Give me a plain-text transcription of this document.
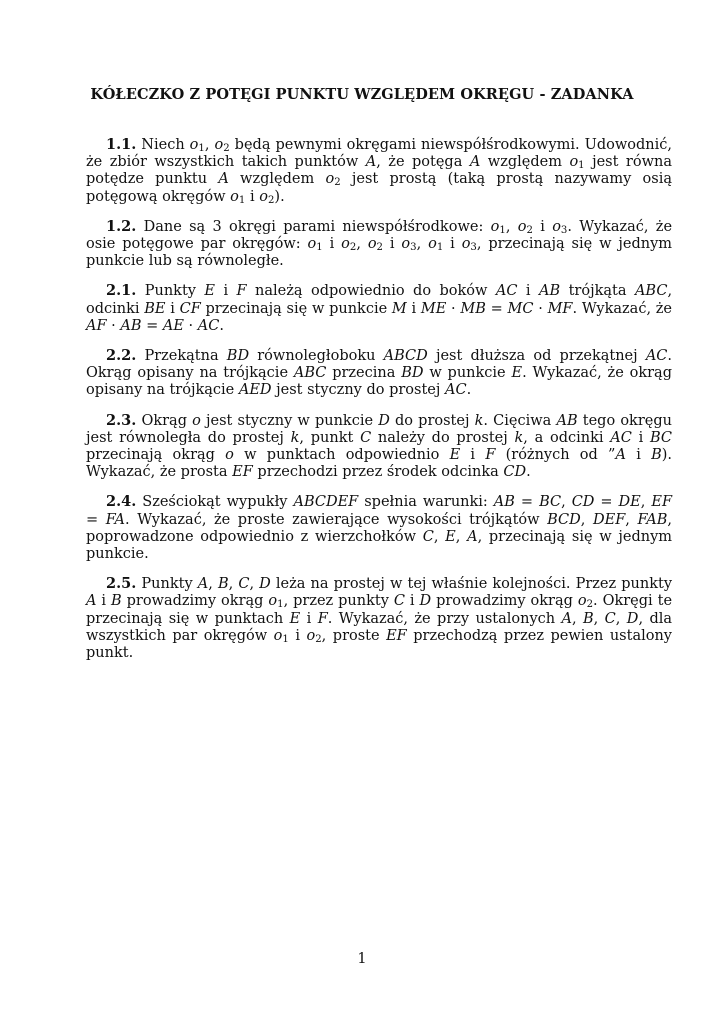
KÓŁECZKO Z POTĘGI PUNKTU WZGLĘDEM OKRĘGU - ZADANKA

1.1. Niech $o_1$, $o_2$ będą pewnymi okręgami niewspółśrodkowymi. Udowodnić, że zbiór wszystkich takich punktów A, że potęga A względem $o_1$ jest równa potędze punktu A względem $o_2$ jest prostą (taką prostą nazywamy osią potęgową okręgów $o_1$ i $o_2$).

1.2. Dane są 3 okręgi parami niewspółśrodkowe: $o_1$, $o_2$ i $o_3$. Wykazać, że osie potęgowe par okręgów: $o_1$ i $o_2$, $o_2$ i $o_3$, $o_1$ i $o_3$, przecinają się w jednym punkcie lub są równoległe.

2.1. Punkty E i F należą odpowiednio do boków AC i AB trójkąta ABC, odcinki BE i CF przecinają się w punkcie M i ME · MB = MC · MF. Wykazać, że AF · AB = AE · AC.

2.2. Przekątna BD równoległoboku ABCD jest dłuższa od przekątnej AC. Okrąg opisany na trójkącie ABC przecina BD w punkcie E. Wykazać, że okrąg opisany na trójkącie AED jest styczny do prostej AC.

2.3. Okrąg o jest styczny w punkcie D do prostej k. Cięciwa AB tego okręgu jest równoległa do prostej k, punkt C należy do prostej k, a odcinki AC i BC przecinają okrąg o w punktach odpowiednio E i F (różnych od ”A i B). Wykazać, że prosta EF przechodzi przez środek odcinka CD.

2.4. Sześciokąt wypukły ABCDEF spełnia warunki: AB = BC, CD = DE, EF = FA. Wykazać, że proste zawierające wysokości trójkątów BCD, DEF, FAB, poprowadzone odpowiednio z wierzchołków C, E, A, przecinają się w jednym punkcie.

2.5. Punkty A, B, C, D leża na prostej w tej właśnie kolejności. Przez punkty A i B prowadzimy okrąg $o_1$, przez punkty C i D prowadzimy okrąg $o_2$. Okręgi te przecinają się w punktach E i F. Wykazać, że przy ustalonych A, B, C, D, dla wszystkich par okręgów $o_1$ i $o_2$, proste EF przechodzą przez pewien ustalony punkt.

1
